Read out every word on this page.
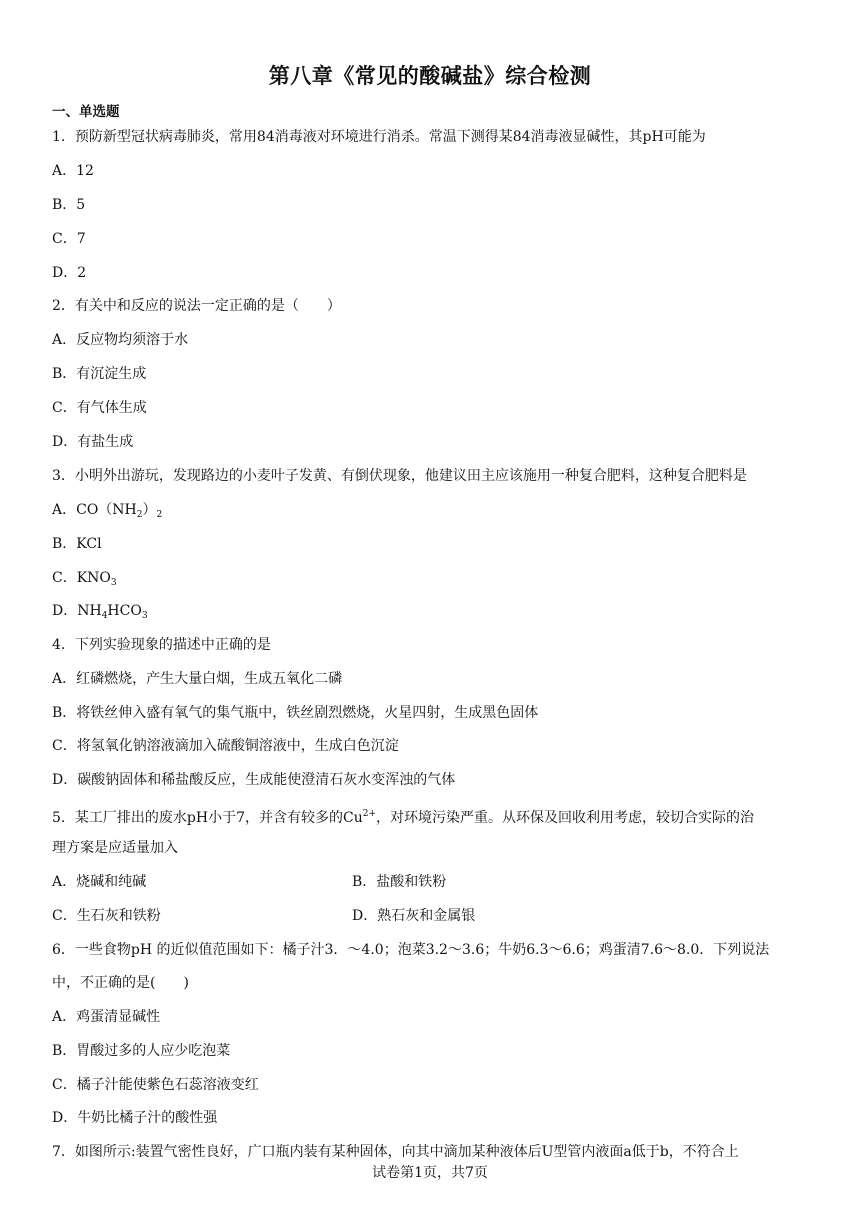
第八章《常见的酸碱盐》综合检测
一、单选题
1．预防新型冠状病毒肺炎，常用84消毒液对环境进行消杀。常温下测得某84消毒液显碱性，其pH可能为
A．12
B．5
C．7
D．2
2．有关中和反应的说法一定正确的是（　　）
A．反应物均须溶于水
B．有沉淀生成
C．有气体生成
D．有盐生成
3．小明外出游玩，发现路边的小麦叶子发黄、有倒伏现象，他建议田主应该施用一种复合肥料，这种复合肥料是
A．$CO(NH_2)_2$
B．KCl
C．$KNO_3$
D．$NH_4HCO_3$
4．下列实验现象的描述中正确的是
A．红磷燃烧，产生大量白烟，生成五氧化二磷
B．将铁丝伸入盛有氧气的集气瓶中，铁丝剧烈燃烧，火星四射，生成黑色固体
C．将氢氧化钠溶液滴加入硫酸铜溶液中，生成白色沉淀
D．碳酸钠固体和稀盐酸反应，生成能使澄清石灰水变浑浊的气体
5．某工厂排出的废水pH小于7，并含有较多的$Cu^{2+}$，对环境污染严重。从环保及回收利用考虑，较切合实际的治
理方案是应适量加入
A．烧碱和纯碱	B．盐酸和铁粉
C．生石灰和铁粉	D．熟石灰和金属银
6．一些食物pH 的近似值范围如下：橘子汁3．～4.0；泡菜3.2～3.6；牛奶6.3～6.6；鸡蛋清7.6～8.0．下列说法
中，不正确的是(　　)
A．鸡蛋清显碱性
B．胃酸过多的人应少吃泡菜
C．橘子汁能使紫色石蕊溶液变红
D．牛奶比橘子汁的酸性强
7．如图所示:装置气密性良好，广口瓶内装有某种固体，向其中滴加某种液体后U型管内液面a低于b，不符合上
试卷第1页，共7页
